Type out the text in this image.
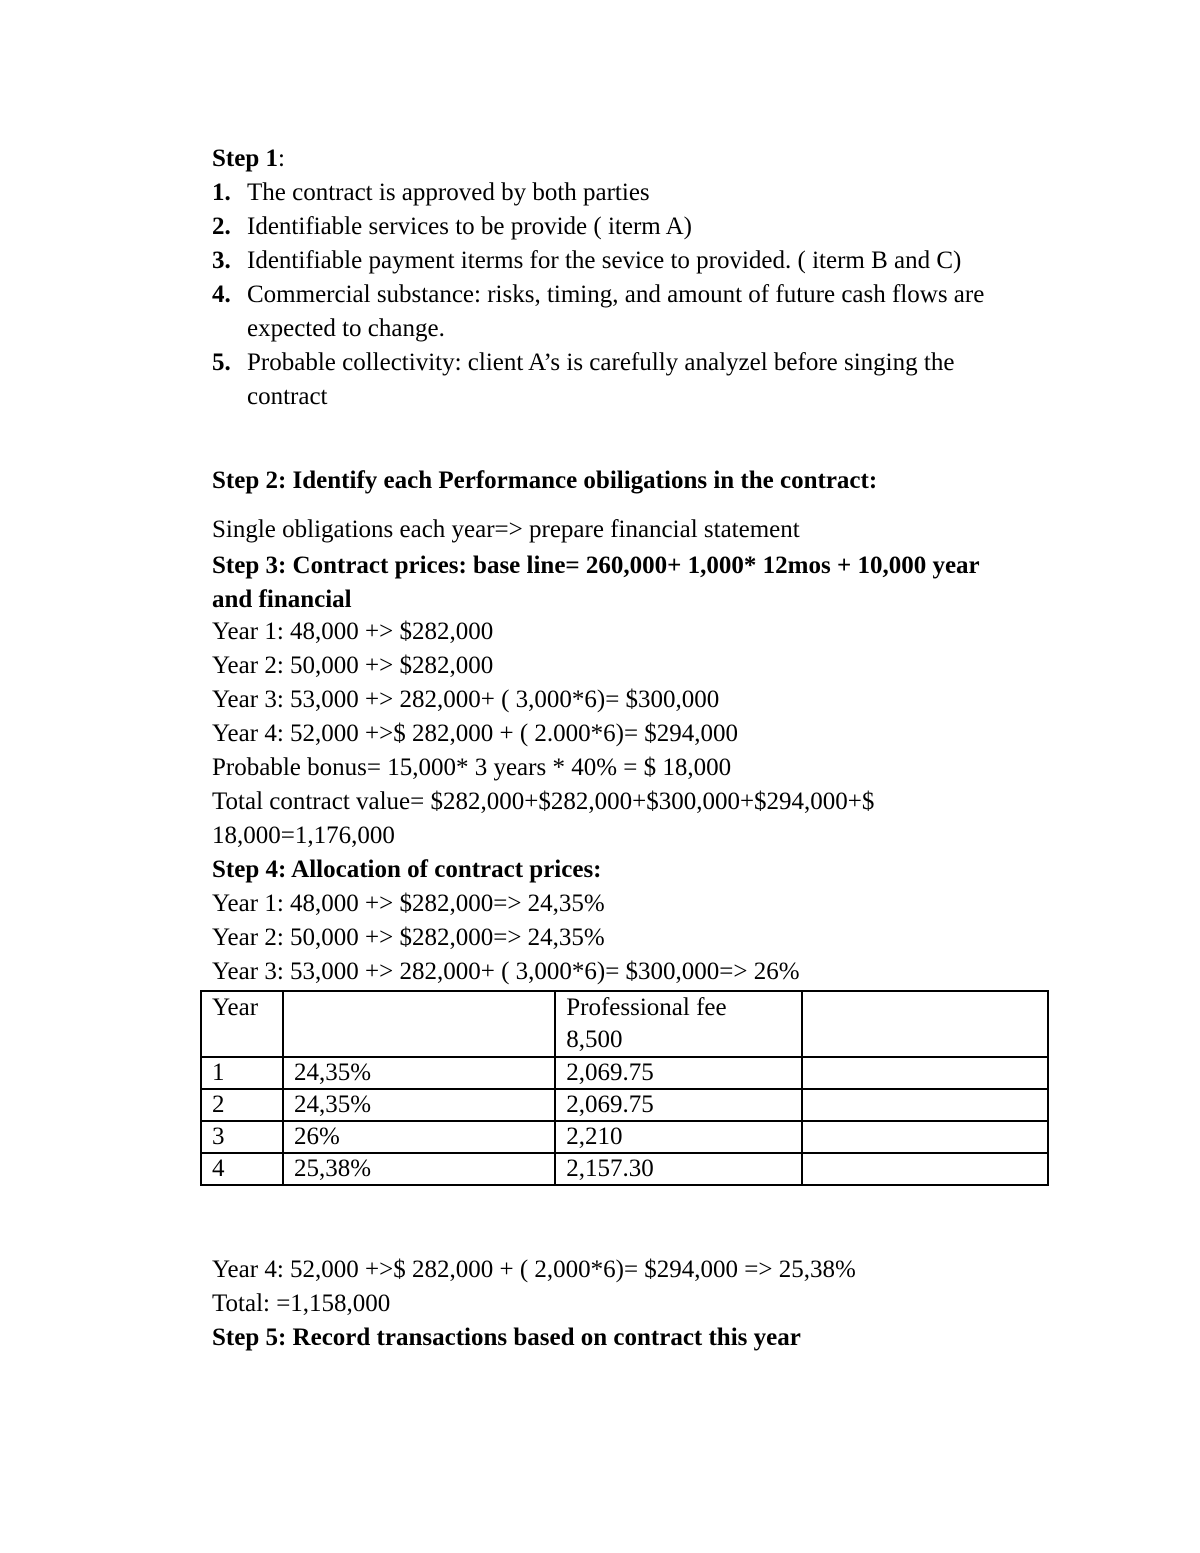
Step 1:
1. The contract is approved by both parties
2. Identifiable services to be provide ( iterm A)
3. Identifiable payment iterms for the sevice to provided. ( iterm B and C)
4. Commercial substance: risks, timing, and amount of future cash flows are
expected to change.
5. Probable collectivity: client A’s is carefully analyzel before singing the
contract
Step 2: Identify each Performance obiligations in the contract:
Single obligations each year=> prepare financial statement
Step 3: Contract prices: base line= 260,000+ 1,000* 12mos + 10,000 year
and financial
Year 1: 48,000 +> $282,000
Year 2: 50,000 +> $282,000
Year 3: 53,000 +> 282,000+ ( 3,000*6)= $300,000
Year 4: 52,000 +>$ 282,000 + ( 2.000*6)= $294,000
Probable bonus= 15,000* 3 years * 40% = $ 18,000
Total contract value= $282,000+$282,000+$300,000+$294,000+$
18,000=1,176,000
Step 4: Allocation of contract prices:
Year 1: 48,000 +> $282,000=> 24,35%
Year 2: 50,000 +> $282,000=> 24,35%
Year 3: 53,000 +> 282,000+ ( 3,000*6)= $300,000=> 26%
Year		Professional fee
8,500	

1	24,35%	2,069.75	
2	24,35%	2,069.75	
3	26%	2,210	
4	25,38%	2,157.30	
Year 4: 52,000 +>$ 282,000 + ( 2,000*6)= $294,000 => 25,38%
Total: =1,158,000
Step 5: Record transactions based on contract this year
